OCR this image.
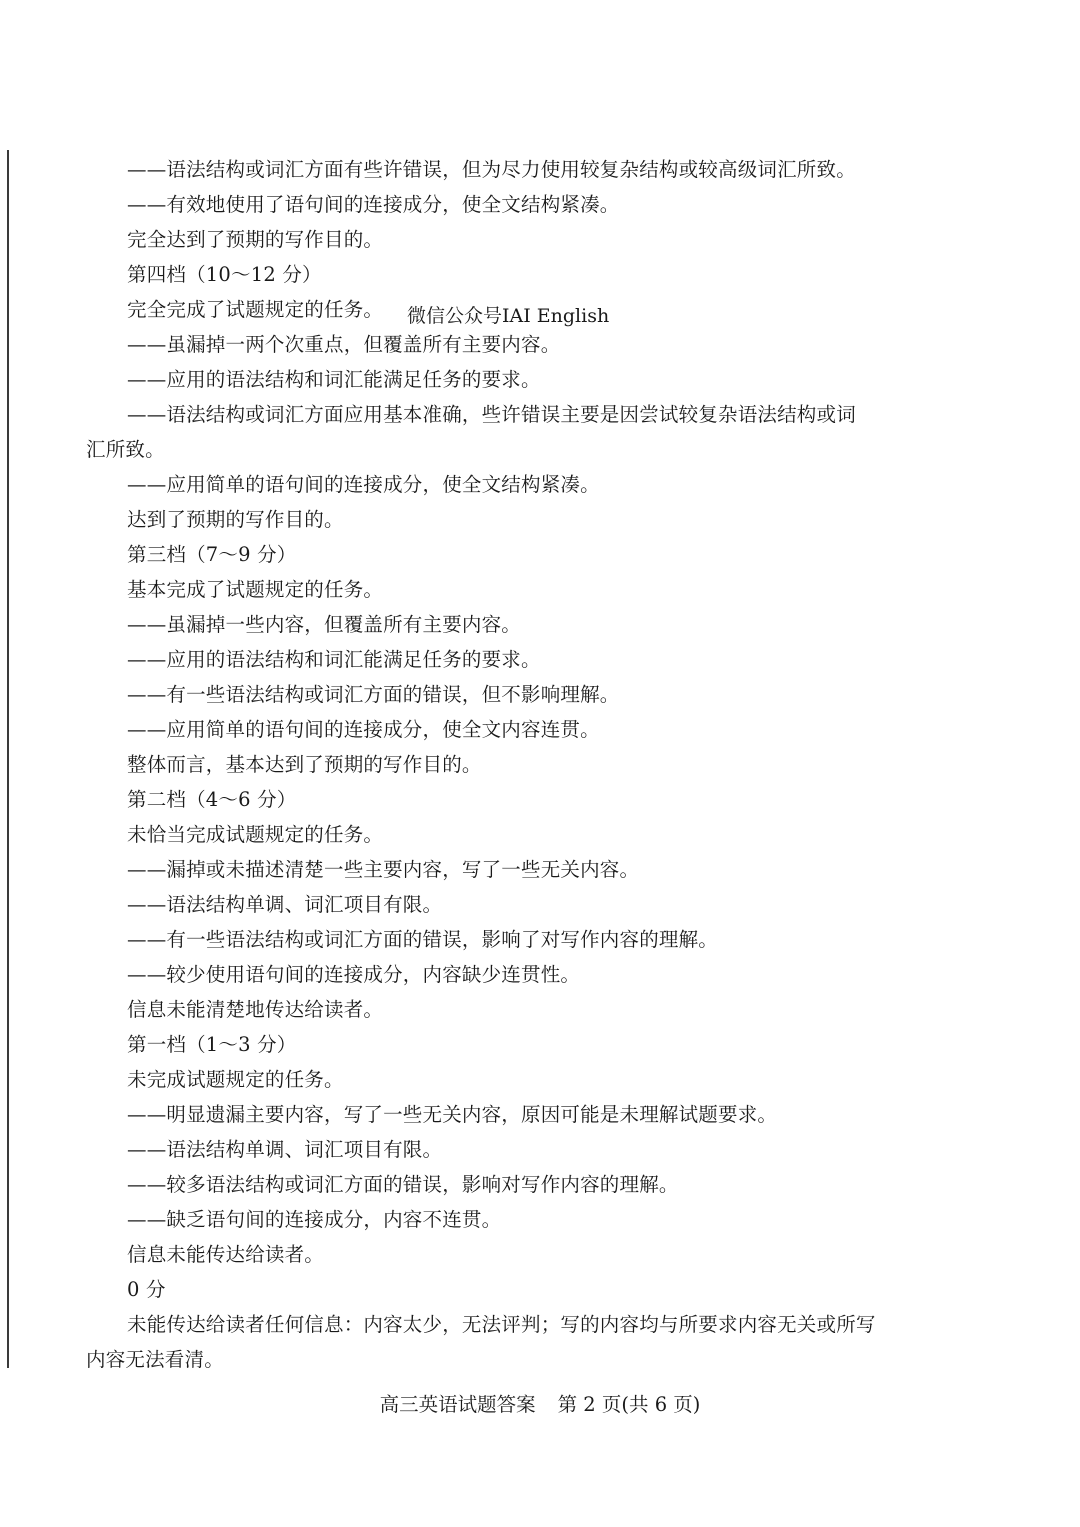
——语法结构或词汇方面有些许错误，但为尽力使用较复杂结构或较高级词汇所致。
——有效地使用了语句间的连接成分，使全文结构紧凑。
完全达到了预期的写作目的。
第四档（10～12 分）
完全完成了试题规定的任务。
——虽漏掉一两个次重点，但覆盖所有主要内容。
——应用的语法结构和词汇能满足任务的要求。
——语法结构或词汇方面应用基本准确，些许错误主要是因尝试较复杂语法结构或词
汇所致。
——应用简单的语句间的连接成分，使全文结构紧凑。
达到了预期的写作目的。
第三档（7～9 分）
基本完成了试题规定的任务。
——虽漏掉一些内容，但覆盖所有主要内容。
——应用的语法结构和词汇能满足任务的要求。
——有一些语法结构或词汇方面的错误，但不影响理解。
——应用简单的语句间的连接成分，使全文内容连贯。
整体而言，基本达到了预期的写作目的。
第二档（4～6 分）
未恰当完成试题规定的任务。
——漏掉或未描述清楚一些主要内容，写了一些无关内容。
——语法结构单调、词汇项目有限。
——有一些语法结构或词汇方面的错误，影响了对写作内容的理解。
——较少使用语句间的连接成分，内容缺少连贯性。
信息未能清楚地传达给读者。
第一档（1～3 分）
未完成试题规定的任务。
——明显遗漏主要内容，写了一些无关内容，原因可能是未理解试题要求。
——语法结构单调、词汇项目有限。
——较多语法结构或词汇方面的错误，影响对写作内容的理解。
——缺乏语句间的连接成分，内容不连贯。
信息未能传达给读者。
0 分
未能传达给读者任何信息：内容太少，无法评判；写的内容均与所要求内容无关或所写
内容无法看清。
微信公众号IAI English
高三英语试题答案 第 2 页(共 6 页)
